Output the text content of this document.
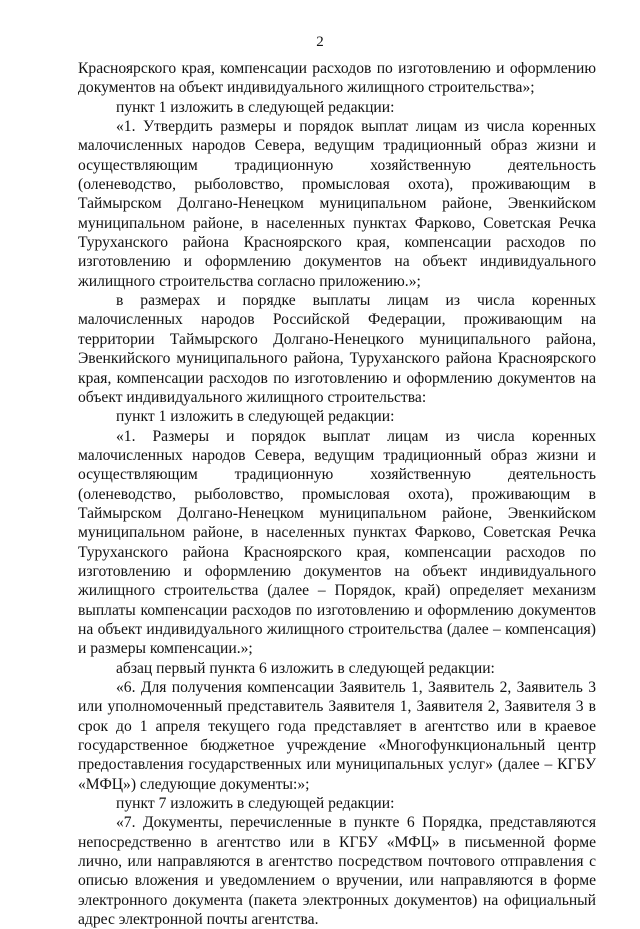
2

Красноярского края, компенсации расходов по изготовлению и оформлению документов на объект индивидуального жилищного строительства»;

пункт 1 изложить в следующей редакции:

«1. Утвердить размеры и порядок выплат лицам из числа коренных малочисленных народов Севера, ведущим традиционный образ жизни и осуществляющим традиционную хозяйственную деятельность (оленеводство, рыболовство, промысловая охота), проживающим в Таймырском Долгано-Ненецком муниципальном районе, Эвенкийском муниципальном районе, в населенных пунктах Фарково, Советская Речка Туруханского района Красноярского края, компенсации расходов по изготовлению и оформлению документов на объект индивидуального жилищного строительства согласно приложению.»;

в размерах и порядке выплаты лицам из числа коренных малочисленных народов Российской Федерации, проживающим на территории Таймырского Долгано-Ненецкого муниципального района, Эвенкийского муниципального района, Туруханского района Красноярского края, компенсации расходов по изготовлению и оформлению документов на объект индивидуального жилищного строительства:

пункт 1 изложить в следующей редакции:

«1. Размеры и порядок выплат лицам из числа коренных малочисленных народов Севера, ведущим традиционный образ жизни и осуществляющим традиционную хозяйственную деятельность (оленеводство, рыболовство, промысловая охота), проживающим в Таймырском Долгано-Ненецком муниципальном районе, Эвенкийском муниципальном районе, в населенных пунктах Фарково, Советская Речка Туруханского района Красноярского края, компенсации расходов по изготовлению и оформлению документов на объект индивидуального жилищного строительства (далее – Порядок, край) определяет механизм выплаты компенсации расходов по изготовлению и оформлению документов на объект индивидуального жилищного строительства (далее – компенсация) и размеры компенсации.»;

абзац первый пункта 6 изложить в следующей редакции:

«6. Для получения компенсации Заявитель 1, Заявитель 2, Заявитель 3 или уполномоченный представитель Заявителя 1, Заявителя 2, Заявителя 3 в срок до 1 апреля текущего года представляет в агентство или в краевое государственное бюджетное учреждение «Многофункциональный центр предоставления государственных или муниципальных услуг» (далее – КГБУ «МФЦ») следующие документы:»;

пункт 7 изложить в следующей редакции:

«7. Документы, перечисленные в пункте 6 Порядка, представляются непосредственно в агентство или в КГБУ «МФЦ» в письменной форме лично, или направляются в агентство посредством почтового отправления с описью вложения и уведомлением о вручении, или направляются в форме электронного документа (пакета электронных документов) на официальный адрес электронной почты агентства.
